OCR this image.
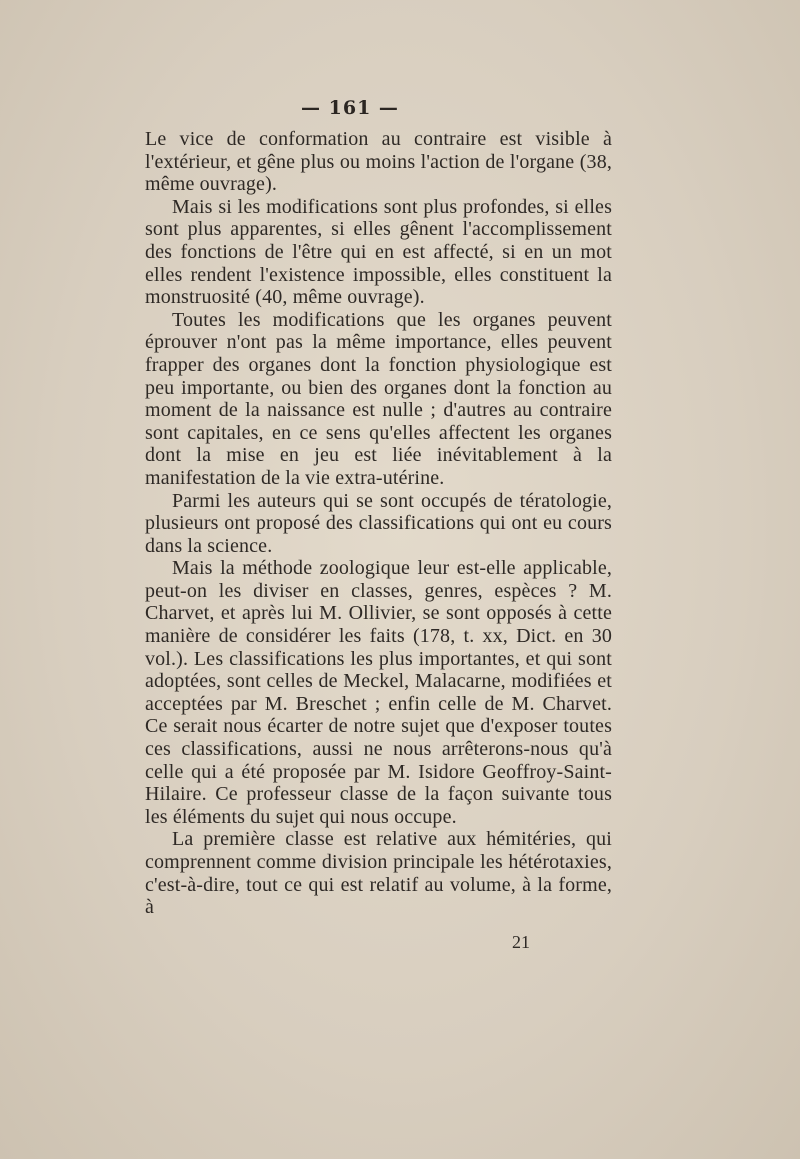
— 161 —

Le vice de conformation au contraire est visible à l'extérieur, et gêne plus ou moins l'action de l'organe (38, même ouvrage).

Mais si les modifications sont plus profondes, si elles sont plus apparentes, si elles gênent l'accomplissement des fonctions de l'être qui en est affecté, si en un mot elles rendent l'existence impossible, elles constituent la monstruosité (40, même ouvrage).

Toutes les modifications que les organes peuvent éprouver n'ont pas la même importance, elles peuvent frapper des organes dont la fonction physiologique est peu importante, ou bien des organes dont la fonction au moment de la naissance est nulle ; d'autres au contraire sont capitales, en ce sens qu'elles affectent les organes dont la mise en jeu est liée inévitablement à la manifestation de la vie extra-utérine.

Parmi les auteurs qui se sont occupés de tératologie, plusieurs ont proposé des classifications qui ont eu cours dans la science.

Mais la méthode zoologique leur est-elle applicable, peut-on les diviser en classes, genres, espèces ? M. Charvet, et après lui M. Ollivier, se sont opposés à cette manière de considérer les faits (178, t. xx, Dict. en 30 vol.). Les classifications les plus importantes, et qui sont adoptées, sont celles de Meckel, Malacarne, modifiées et acceptées par M. Breschet ; enfin celle de M. Charvet. Ce serait nous écarter de notre sujet que d'exposer toutes ces classifications, aussi ne nous arrêterons-nous qu'à celle qui a été proposée par M. Isidore Geoffroy-Saint-Hilaire. Ce professeur classe de la façon suivante tous les éléments du sujet qui nous occupe.

La première classe est relative aux hémitéries, qui comprennent comme division principale les hétérotaxies, c'est-à-dire, tout ce qui est relatif au volume, à la forme, à

21
